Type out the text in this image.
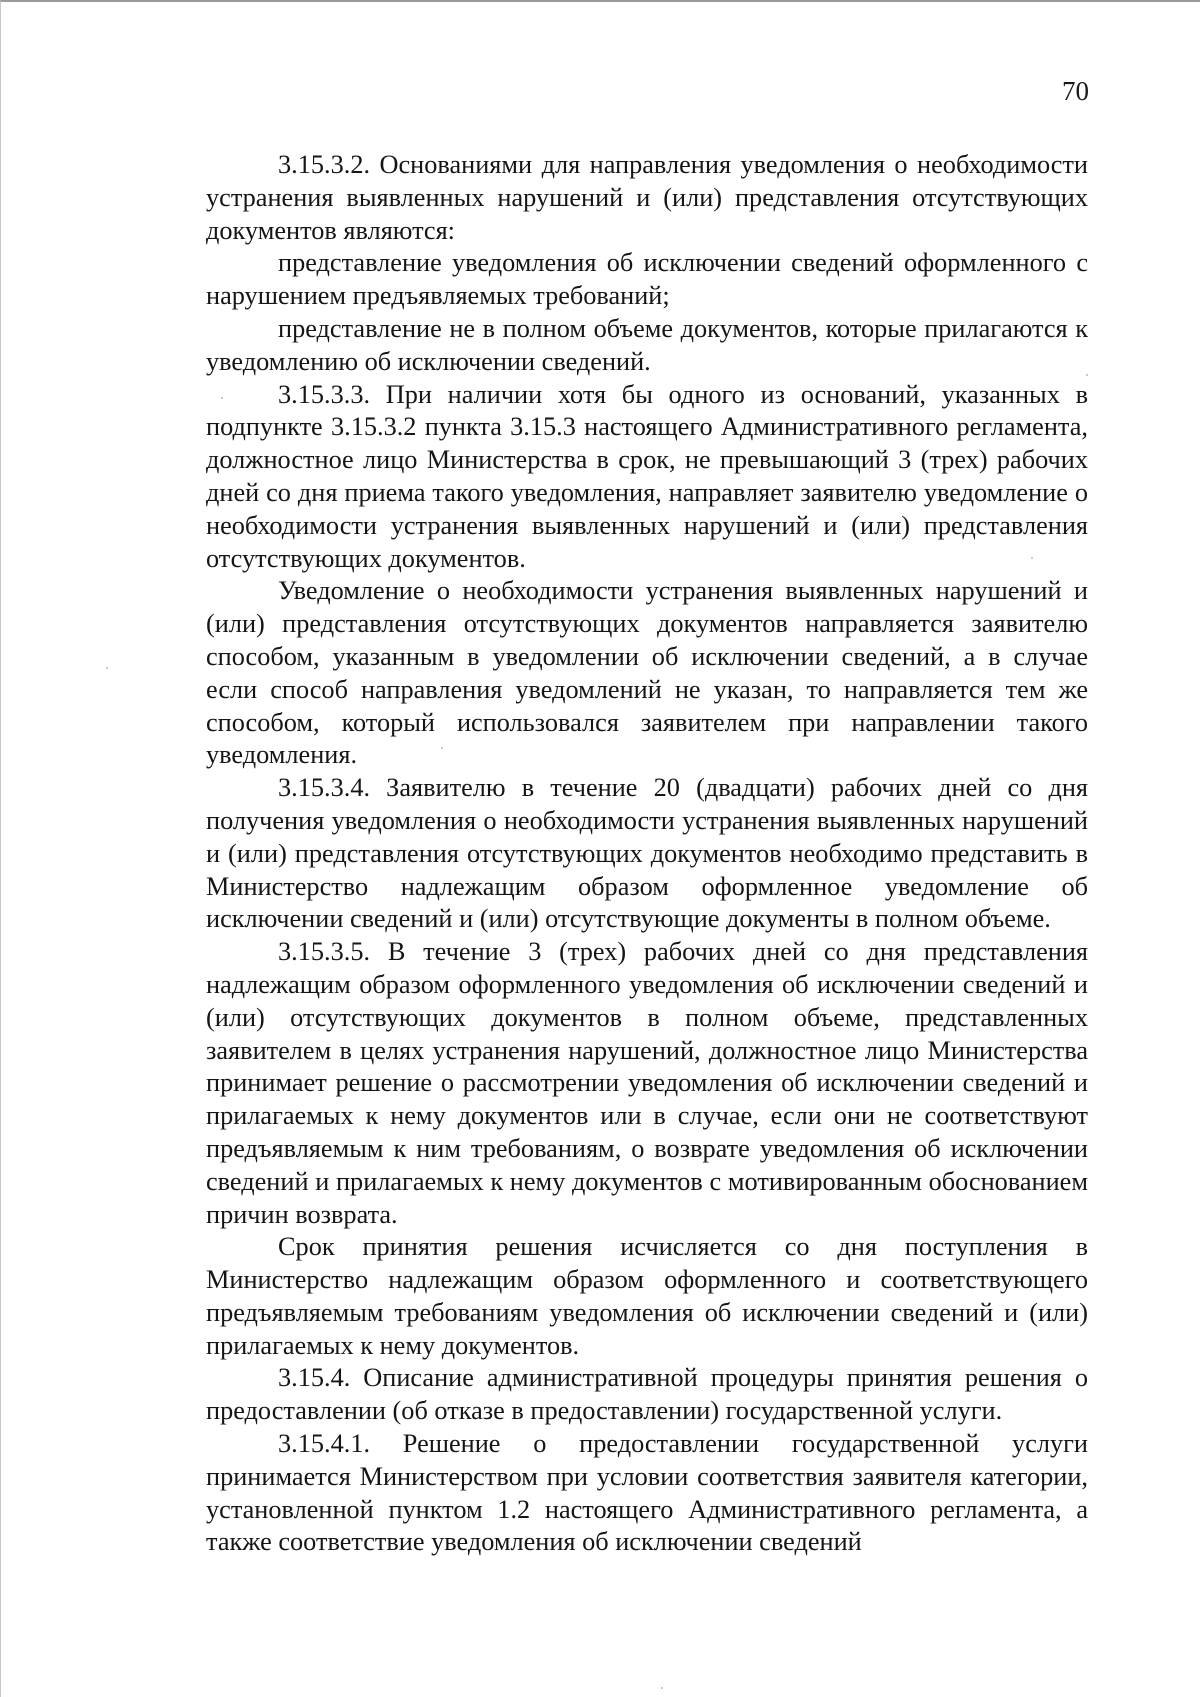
70

3.15.3.2. Основаниями для направления уведомления о необходимости устранения выявленных нарушений и (или) представления отсутствующих документов являются:

представление уведомления об исключении сведений оформленного с нарушением предъявляемых требований;

представление не в полном объеме документов, которые прилагаются к уведомлению об исключении сведений.

3.15.3.3. При наличии хотя бы одного из оснований, указанных в подпункте 3.15.3.2 пункта 3.15.3 настоящего Административного регламента, должностное лицо Министерства в срок, не превышающий 3 (трех) рабочих дней со дня приема такого уведомления, направляет заявителю уведомление о необходимости устранения выявленных нарушений и (или) представления отсутствующих документов.

Уведомление о необходимости устранения выявленных нарушений и (или) представления отсутствующих документов направляется заявителю способом, указанным в уведомлении об исключении сведений, а в случае если способ направления уведомлений не указан, то направляется тем же способом, который использовался заявителем при направлении такого уведомления.

3.15.3.4. Заявителю в течение 20 (двадцати) рабочих дней со дня получения уведомления о необходимости устранения выявленных нарушений и (или) представления отсутствующих документов необходимо представить в Министерство надлежащим образом оформленное уведомление об исключении сведений и (или) отсутствующие документы в полном объеме.

3.15.3.5. В течение 3 (трех) рабочих дней со дня представления надлежащим образом оформленного уведомления об исключении сведений и (или) отсутствующих документов в полном объеме, представленных заявителем в целях устранения нарушений, должностное лицо Министерства принимает решение о рассмотрении уведомления об исключении сведений и прилагаемых к нему документов или в случае, если они не соответствуют предъявляемым к ним требованиям, о возврате уведомления об исключении сведений и прилагаемых к нему документов с мотивированным обоснованием причин возврата.

Срок принятия решения исчисляется со дня поступления в Министерство надлежащим образом оформленного и соответствующего предъявляемым требованиям уведомления об исключении сведений и (или) прилагаемых к нему документов.

3.15.4. Описание административной процедуры принятия решения о предоставлении (об отказе в предоставлении) государственной услуги.

3.15.4.1. Решение о предоставлении государственной услуги принимается Министерством при условии соответствия заявителя категории, установленной пунктом 1.2 настоящего Административного регламента, а также соответствие уведомления об исключении сведений
